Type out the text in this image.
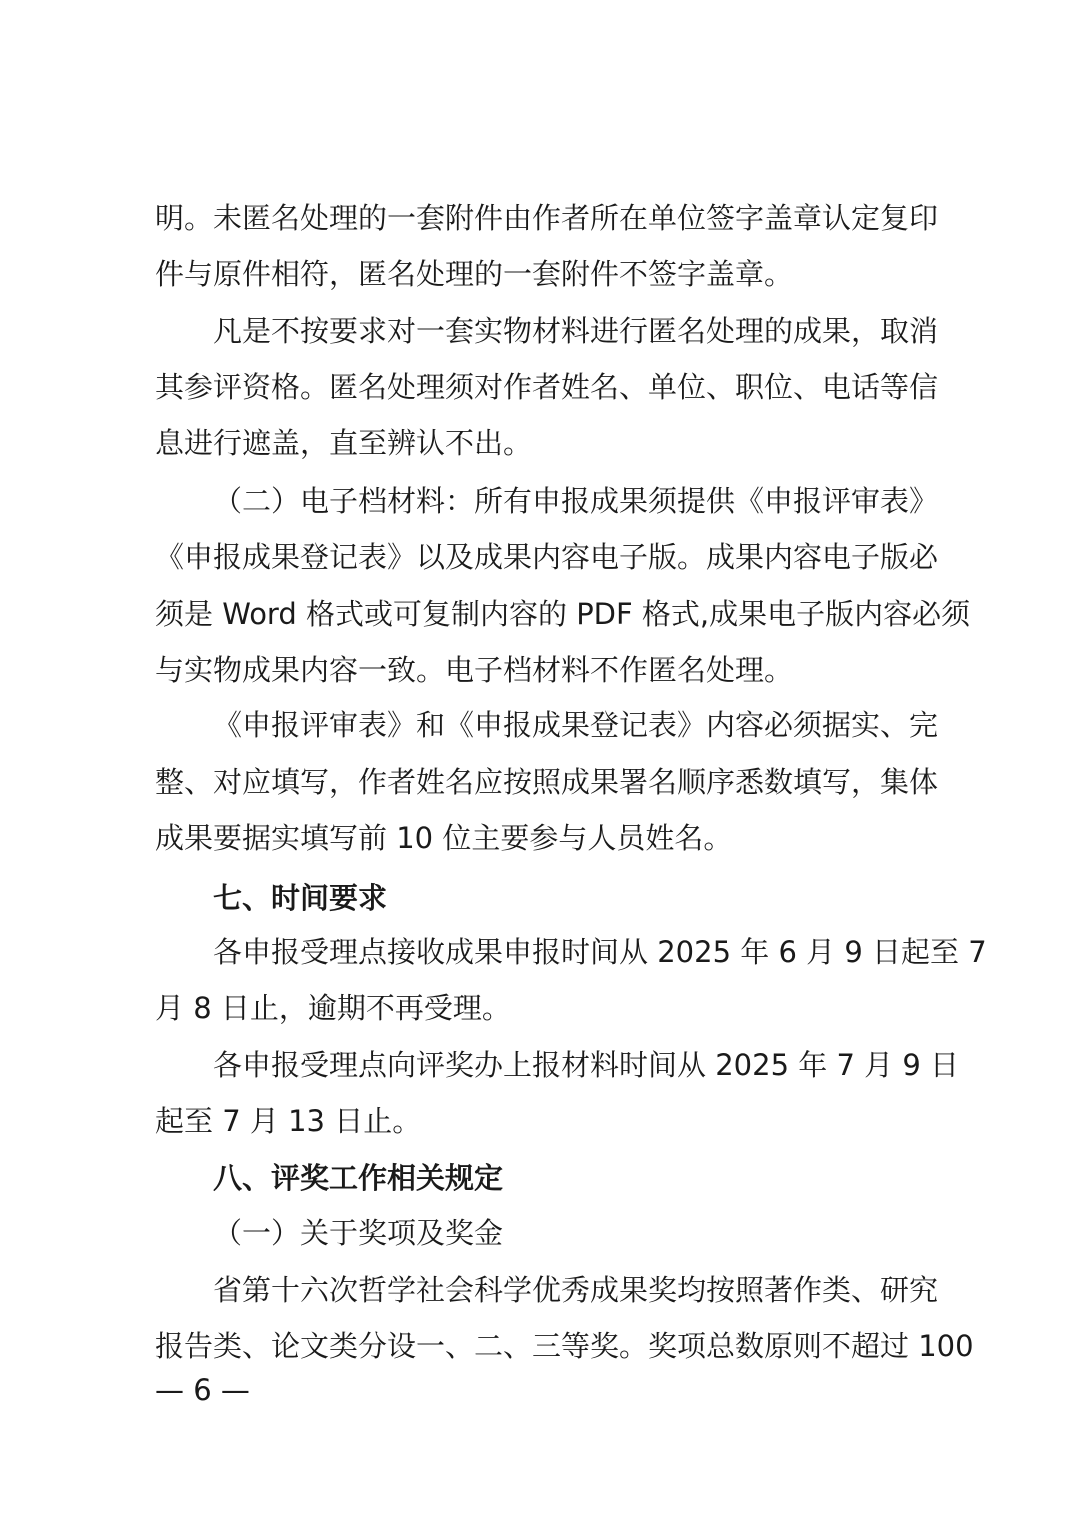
明。未匿名处理的一套附件由作者所在单位签字盖章认定复印
件与原件相符，匿名处理的一套附件不签字盖章。
凡是不按要求对一套实物材料进行匿名处理的成果，取消
其参评资格。匿名处理须对作者姓名、单位、职位、电话等信
息进行遮盖，直至辨认不出。
（二）电子档材料：所有申报成果须提供《申报评审表》
《申报成果登记表》以及成果内容电子版。成果内容电子版必
须是 Word 格式或可复制内容的 PDF 格式,成果电子版内容必须
与实物成果内容一致。电子档材料不作匿名处理。
《申报评审表》和《申报成果登记表》内容必须据实、完
整、对应填写，作者姓名应按照成果署名顺序悉数填写，集体
成果要据实填写前 10 位主要参与人员姓名。
七、时间要求
各申报受理点接收成果申报时间从 2025 年 6 月 9 日起至 7
月 8 日止，逾期不再受理。
各申报受理点向评奖办上报材料时间从 2025 年 7 月 9 日
起至 7 月 13 日止。
八、评奖工作相关规定
（一）关于奖项及奖金
省第十六次哲学社会科学优秀成果奖均按照著作类、研究
报告类、论文类分设一、二、三等奖。奖项总数原则不超过 100
— 6 —
